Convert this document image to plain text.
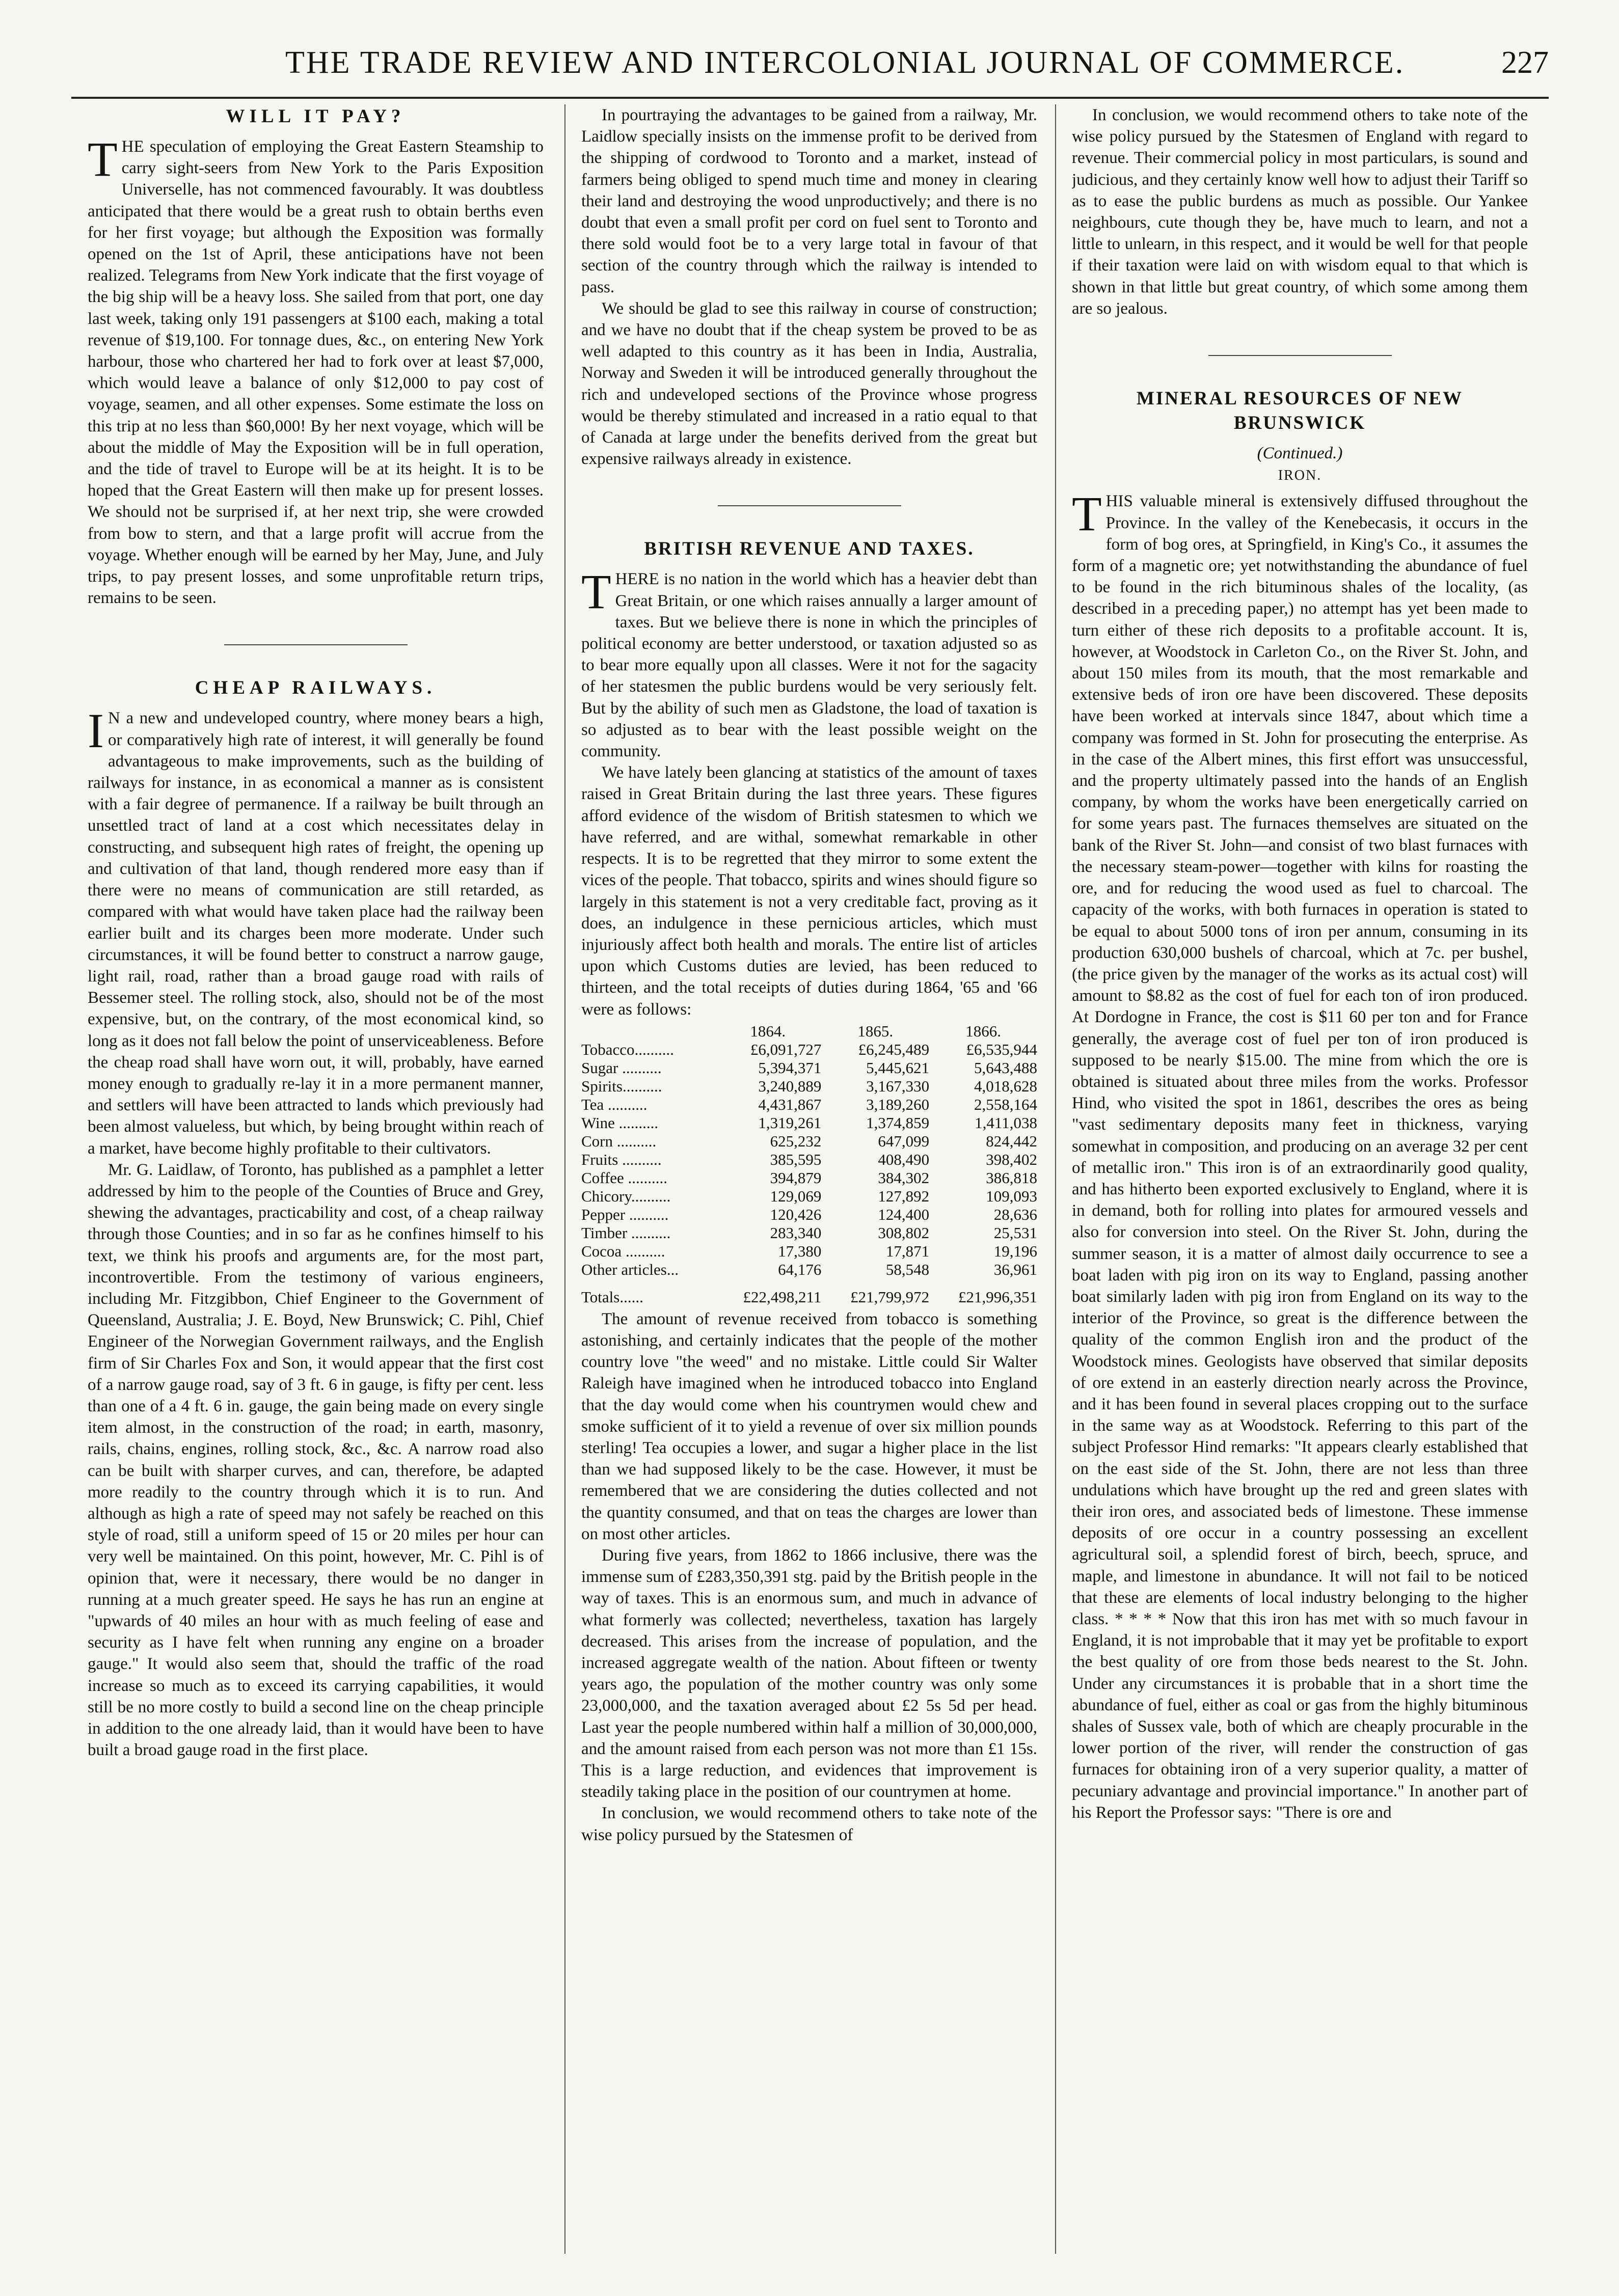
THE TRADE REVIEW AND INTERCOLONIAL JOURNAL OF COMMERCE.	227
WILL IT PAY?

THE speculation of employing the Great Eastern Steamship to carry sight-seers from New York to the Paris Exposition Universelle, has not commenced favourably. It was doubtless anticipated that there would be a great rush to obtain berths even for her first voyage; but although the Exposition was formally opened on the 1st of April, these anticipations have not been realized. Telegrams from New York indicate that the first voyage of the big ship will be a heavy loss. She sailed from that port, one day last week, taking only 191 passengers at $100 each, making a total revenue of $19,100. For tonnage dues, &c., on entering New York harbour, those who chartered her had to fork over at least $7,000, which would leave a balance of only $12,000 to pay cost of voyage, seamen, and all other expenses. Some estimate the loss on this trip at no less than $60,000! By her next voyage, which will be about the middle of May the Exposition will be in full operation, and the tide of travel to Europe will be at its height. It is to be hoped that the Great Eastern will then make up for present losses. We should not be surprised if, at her next trip, she were crowded from bow to stern, and that a large profit will accrue from the voyage. Whether enough will be earned by her May, June, and July trips, to pay present losses, and some unprofitable return trips, remains to be seen.

CHEAP RAILWAYS.

I N a new and undeveloped country, where money bears a high, or comparatively high rate of interest, it will generally be found advantageous to make improvements, such as the building of railways for instance, in as economical a manner as is consistent with a fair degree of permanence. If a railway be built through an unsettled tract of land at a cost which necessitates delay in constructing, and subsequent high rates of freight, the opening up and cultivation of that land, though rendered more easy than if there were no means of communication are still retarded, as compared with what would have taken place had the railway been earlier built and its charges been more moderate. Under such circumstances, it will be found better to construct a narrow gauge, light rail, road, rather than a broad gauge road with rails of Bessemer steel. The rolling stock, also, should not be of the most expensive, but, on the contrary, of the most economical kind, so long as it does not fall below the point of unserviceableness. Before the cheap road shall have worn out, it will, probably, have earned money enough to gradually re-lay it in a more permanent manner, and settlers will have been attracted to lands which previously had been almost valueless, but which, by being brought within reach of a market, have become highly profitable to their cultivators.

Mr. G. Laidlaw, of Toronto, has published as a pamphlet a letter addressed by him to the people of the Counties of Bruce and Grey, shewing the advantages, practicability and cost, of a cheap railway through those Counties; and in so far as he confines himself to his text, we think his proofs and arguments are, for the most part, incontrovertible. From the testimony of various engineers, including Mr. Fitzgibbon, Chief Engineer to the Government of Queensland, Australia; J. E. Boyd, New Brunswick; C. Pihl, Chief Engineer of the Norwegian Government railways, and the English firm of Sir Charles Fox and Son, it would appear that the first cost of a narrow gauge road, say of 3 ft. 6 in gauge, is fifty per cent. less than one of a 4 ft. 6 in. gauge, the gain being made on every single item almost, in the construction of the road; in earth, masonry, rails, chains, engines, rolling stock, &c., &c. A narrow road also can be built with sharper curves, and can, therefore, be adapted more readily to the country through which it is to run. And although as high a rate of speed may not safely be reached on this style of road, still a uniform speed of 15 or 20 miles per hour can very well be maintained. On this point, however, Mr. C. Pihl is of opinion that, were it necessary, there would be no danger in running at a much greater speed. He says he has run an engine at "upwards of 40 miles an hour with as much feeling of ease and security as I have felt when running any engine on a broader gauge." It would also seem that, should the traffic of the road increase so much as to exceed its carrying capabilities, it would still be no more costly to build a second line on the cheap principle in addition to the one already laid, than it would have been to have built a broad gauge road in the first place.

In pourtraying the advantages to be gained from a railway, Mr. Laidlow specially insists on the immense profit to be derived from the shipping of cordwood to Toronto and a market, instead of farmers being obliged to spend much time and money in clearing their land and destroying the wood unproductively; and there is no doubt that even a small profit per cord on fuel sent to Toronto and there sold would foot be to a very large total in favour of that section of the country through which the railway is intended to pass.

We should be glad to see this railway in course of construction; and we have no doubt that if the cheap system be proved to be as well adapted to this country as it has been in India, Australia, Norway and Sweden it will be introduced generally throughout the rich and undeveloped sections of the Province whose progress would be thereby stimulated and increased in a ratio equal to that of Canada at large under the benefits derived from the great but expensive railways already in existence.

BRITISH REVENUE AND TAXES.

THERE is no nation in the world which has a heavier debt than Great Britain, or one which raises annually a larger amount of taxes. But we believe there is none in which the principles of political economy are better understood, or taxation adjusted so as to bear more equally upon all classes. Were it not for the sagacity of her statesmen the public burdens would be very seriously felt. But by the ability of such men as Gladstone, the load of taxation is so adjusted as to bear with the least possible weight on the community.

We have lately been glancing at statistics of the amount of taxes raised in Great Britain during the last three years. These figures afford evidence of the wisdom of British statesmen to which we have referred, and are withal, somewhat remarkable in other respects. It is to be regretted that they mirror to some extent the vices of the people. That tobacco, spirits and wines should figure so largely in this statement is not a very creditable fact, proving as it does, an indulgence in these pernicious articles, which must injuriously affect both health and morals. The entire list of articles upon which Customs duties are levied, has been reduced to thirteen, and the total receipts of duties during 1864, '65 and '66 were as follows:

	1864.	1865.	1866.
Tobacco..........	£6,091,727	£6,245,489	£6,535,944
Sugar ..........	5,394,371	5,445,621	5,643,488
Spirits..........	3,240,889	3,167,330	4,018,628
Tea ..........	4,431,867	3,189,260	2,558,164
Wine ..........	1,319,261	1,374,859	1,411,038
Corn ..........	625,232	647,099	824,442
Fruits ..........	385,595	408,490	398,402
Coffee ..........	394,879	384,302	386,818
Chicory..........	129,069	127,892	109,093
Pepper ..........	120,426	124,400	28,636
Timber ..........	283,340	308,802	25,531
Cocoa ..........	17,380	17,871	19,196
Other articles...	64,176	58,548	36,961
Totals......	£22,498,211	£21,799,972	£21,996,351

The amount of revenue received from tobacco is something astonishing, and certainly indicates that the people of the mother country love "the weed" and no mistake. Little could Sir Walter Raleigh have imagined when he introduced tobacco into England that the day would come when his countrymen would chew and smoke sufficient of it to yield a revenue of over six million pounds sterling! Tea occupies a lower, and sugar a higher place in the list than we had supposed likely to be the case. However, it must be remembered that we are considering the duties collected and not the quantity consumed, and that on teas the charges are lower than on most other articles.

During five years, from 1862 to 1866 inclusive, there was the immense sum of £283,350,391 stg. paid by the British people in the way of taxes. This is an enormous sum, and much in advance of what formerly was collected; nevertheless, taxation has largely decreased. This arises from the increase of population, and the increased aggregate wealth of the nation. About fifteen or twenty years ago, the population of the mother country was only some 23,000,000, and the taxation averaged about £2 5s 5d per head. Last year the people numbered within half a million of 30,000,000, and the amount raised from each person was not more than £1 15s. This is a large reduction, and evidences that improvement is steadily taking place in the position of our countrymen at home.

In conclusion, we would recommend others to take note of the wise policy pursued by the Statesmen of

In conclusion, we would recommend others to take note of the wise policy pursued by the Statesmen of England with regard to revenue. Their commercial policy in most particulars, is sound and judicious, and they certainly know well how to adjust their Tariff so as to ease the public burdens as much as possible. Our Yankee neighbours, cute though they be, have much to learn, and not a little to unlearn, in this respect, and it would be well for that people if their taxation were laid on with wisdom equal to that which is shown in that little but great country, of which some among them are so jealous.

MINERAL RESOURCES OF NEW BRUNSWICK
(Continued.)
IRON.

THIS valuable mineral is extensively diffused throughout the Province. In the valley of the Kenebecasis, it occurs in the form of bog ores, at Springfield, in King's Co., it assumes the form of a magnetic ore; yet notwithstanding the abundance of fuel to be found in the rich bituminous shales of the locality, (as described in a preceding paper,) no attempt has yet been made to turn either of these rich deposits to a profitable account. It is, however, at Woodstock in Carleton Co., on the River St. John, and about 150 miles from its mouth, that the most remarkable and extensive beds of iron ore have been discovered. These deposits have been worked at intervals since 1847, about which time a company was formed in St. John for prosecuting the enterprise. As in the case of the Albert mines, this first effort was unsuccessful, and the property ultimately passed into the hands of an English company, by whom the works have been energetically carried on for some years past. The furnaces themselves are situated on the bank of the River St. John—and consist of two blast furnaces with the necessary steam-power—together with kilns for roasting the ore, and for reducing the wood used as fuel to charcoal. The capacity of the works, with both furnaces in operation is stated to be equal to about 5000 tons of iron per annum, consuming in its production 630,000 bushels of charcoal, which at 7c. per bushel, (the price given by the manager of the works as its actual cost) will amount to $8.82 as the cost of fuel for each ton of iron produced. At Dordogne in France, the cost is $11 60 per ton and for France generally, the average cost of fuel per ton of iron produced is supposed to be nearly $15.00. The mine from which the ore is obtained is situated about three miles from the works. Professor Hind, who visited the spot in 1861, describes the ores as being "vast sedimentary deposits many feet in thickness, varying somewhat in composition, and producing on an average 32 per cent of metallic iron." This iron is of an extraordinarily good quality, and has hitherto been exported exclusively to England, where it is in demand, both for rolling into plates for armoured vessels and also for conversion into steel. On the River St. John, during the summer season, it is a matter of almost daily occurrence to see a boat laden with pig iron on its way to England, passing another boat similarly laden with pig iron from England on its way to the interior of the Province, so great is the difference between the quality of the common English iron and the product of the Woodstock mines. Geologists have observed that similar deposits of ore extend in an easterly direction nearly across the Province, and it has been found in several places cropping out to the surface in the same way as at Woodstock. Referring to this part of the subject Professor Hind remarks: "It appears clearly established that on the east side of the St. John, there are not less than three undulations which have brought up the red and green slates with their iron ores, and associated beds of limestone. These immense deposits of ore occur in a country possessing an excellent agricultural soil, a splendid forest of birch, beech, spruce, and maple, and limestone in abundance. It will not fail to be noticed that these are elements of local industry belonging to the higher class. * * * * Now that this iron has met with so much favour in England, it is not improbable that it may yet be profitable to export the best quality of ore from those beds nearest to the St. John. Under any circumstances it is probable that in a short time the abundance of fuel, either as coal or gas from the highly bituminous shales of Sussex vale, both of which are cheaply procurable in the lower portion of the river, will render the construction of gas furnaces for obtaining iron of a very superior quality, a matter of pecuniary advantage and provincial importance." In another part of his Report the Professor says: "There is ore and
